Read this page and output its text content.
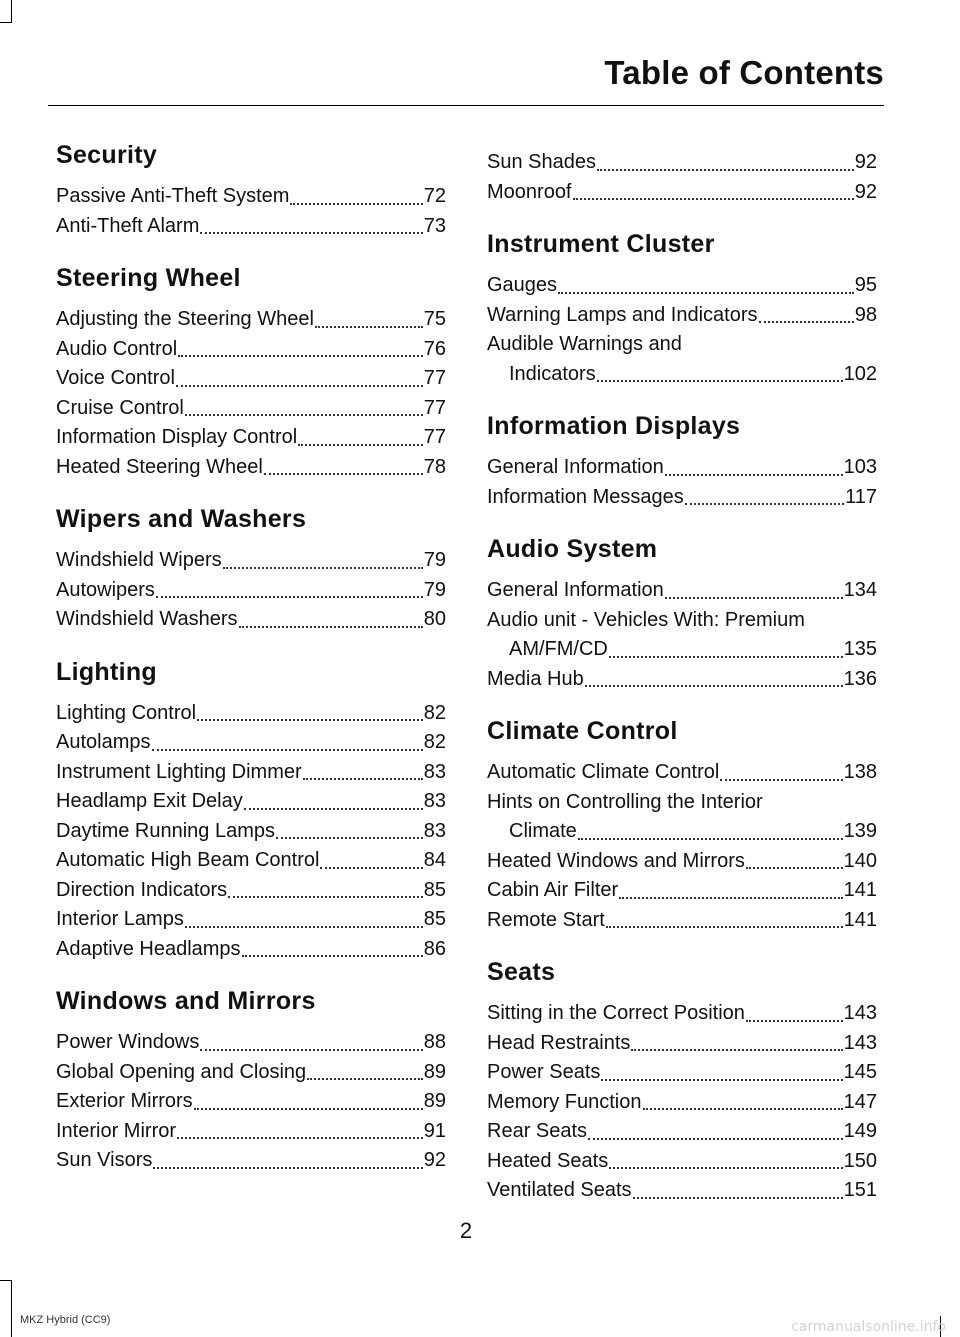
Table of Contents
Security
Passive Anti-Theft System	72
Anti-Theft Alarm	73
Steering Wheel
Adjusting the Steering Wheel	75
Audio Control	76
Voice Control	77
Cruise Control	77
Information Display Control	77
Heated Steering Wheel	78
Wipers and Washers
Windshield Wipers	79
Autowipers	79
Windshield Washers	80
Lighting
Lighting Control	82
Autolamps	82
Instrument Lighting Dimmer	83
Headlamp Exit Delay	83
Daytime Running Lamps	83
Automatic High Beam Control	84
Direction Indicators	85
Interior Lamps	85
Adaptive Headlamps	86
Windows and Mirrors
Power Windows	88
Global Opening and Closing	89
Exterior Mirrors	89
Interior Mirror	91
Sun Visors	92
Sun Shades	92
Moonroof	92
Instrument Cluster
Gauges	95
Warning Lamps and Indicators	98
Audible Warnings and
Indicators	102
Information Displays
General Information	103
Information Messages	117
Audio System
General Information	134
Audio unit - Vehicles With: Premium
AM/FM/CD	135
Media Hub	136
Climate Control
Automatic Climate Control	138
Hints on Controlling the Interior
Climate	139
Heated Windows and Mirrors	140
Cabin Air Filter	141
Remote Start	141
Seats
Sitting in the Correct Position	143
Head Restraints	143
Power Seats	145
Memory Function	147
Rear Seats	149
Heated Seats	150
Ventilated Seats	151
2
MKZ Hybrid (CC9)	carmanualsonline.info
